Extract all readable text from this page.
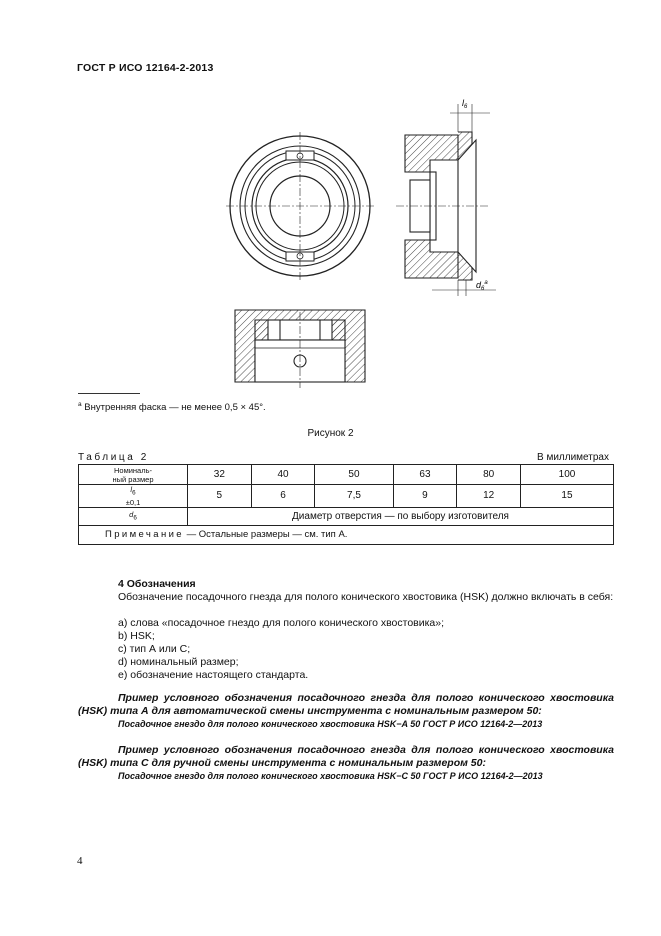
ГОСТ Р ИСО 12164-2-2013
$l_6$
$d_6^a$
$^a$ Внутренняя фаска — не менее 0,5 × 45°.
Рисунок 2
Таблица 2	В миллиметрах
Номиналь-
ный размер	32	40	50	63	80	100
$l_6$
±0,1	5	6	7,5	9	12	15
$d_6$	Диаметр отверстия — по выбору изготовителя					
Примечание — Остальные размеры — см. тип А.						
4 Обозначения
Обозначение посадочного гнезда для полого конического хвостовика (HSK) должно включать в себя:
a) слова «посадочное гнездо для полого конического хвостовика»;
b) HSK;
c) тип А или С;
d) номинальный размер;
e) обозначение настоящего стандарта.
Пример условного обозначения посадочного гнезда для полого конического хвостовика (HSK) типа А для автоматической смены инструмента с номинальным размером 50:
Посадочное гнездо для полого конического хвостовика HSK−A 50 ГОСТ Р ИСО 12164-2—2013
Пример условного обозначения посадочного гнезда для полого конического хвостовика (HSK) типа С для ручной смены инструмента с номинальным размером 50:
Посадочное гнездо для полого конического хвостовика HSK−C 50 ГОСТ Р ИСО 12164-2—2013
4
